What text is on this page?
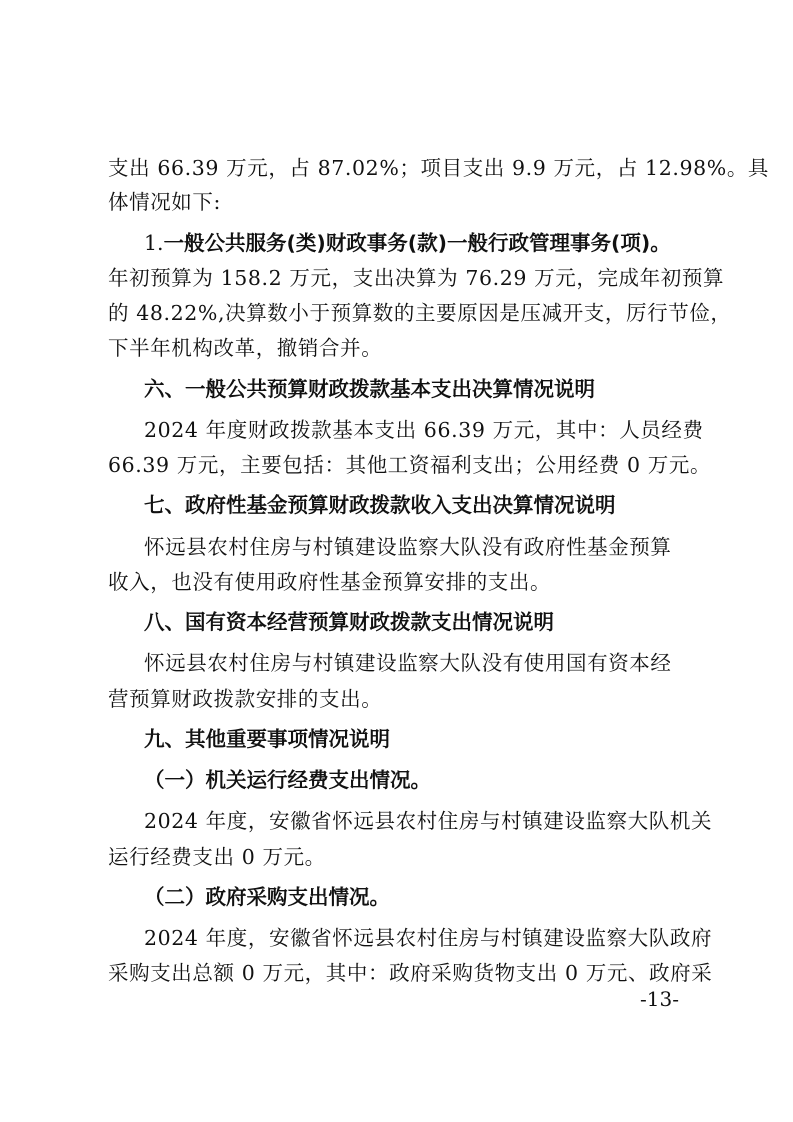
支出 66.39 万元，占 87.02%；项目支出 9.9 万元，占 12.98%。具
体情况如下:
1.一般公共服务(类)财政事务(款)一般行政管理事务(项)。
年初预算为 158.2 万元，支出决算为 76.29 万元，完成年初预算
的 48.22%,决算数小于预算数的主要原因是压减开支，厉行节俭，
下半年机构改革，撤销合并。
六、一般公共预算财政拨款基本支出决算情况说明
2024 年度财政拨款基本支出 66.39 万元，其中：人员经费
66.39 万元，主要包括：其他工资福利支出；公用经费 0 万元。
七、政府性基金预算财政拨款收入支出决算情况说明
怀远县农村住房与村镇建设监察大队没有政府性基金预算
收入，也没有使用政府性基金预算安排的支出。
八、国有资本经营预算财政拨款支出情况说明
怀远县农村住房与村镇建设监察大队没有使用国有资本经
营预算财政拨款安排的支出。
九、其他重要事项情况说明
（一）机关运行经费支出情况。
2024 年度，安徽省怀远县农村住房与村镇建设监察大队机关
运行经费支出 0 万元。
（二）政府采购支出情况。
2024 年度，安徽省怀远县农村住房与村镇建设监察大队政府
采购支出总额 0 万元，其中：政府采购货物支出 0 万元、政府采
-13-
